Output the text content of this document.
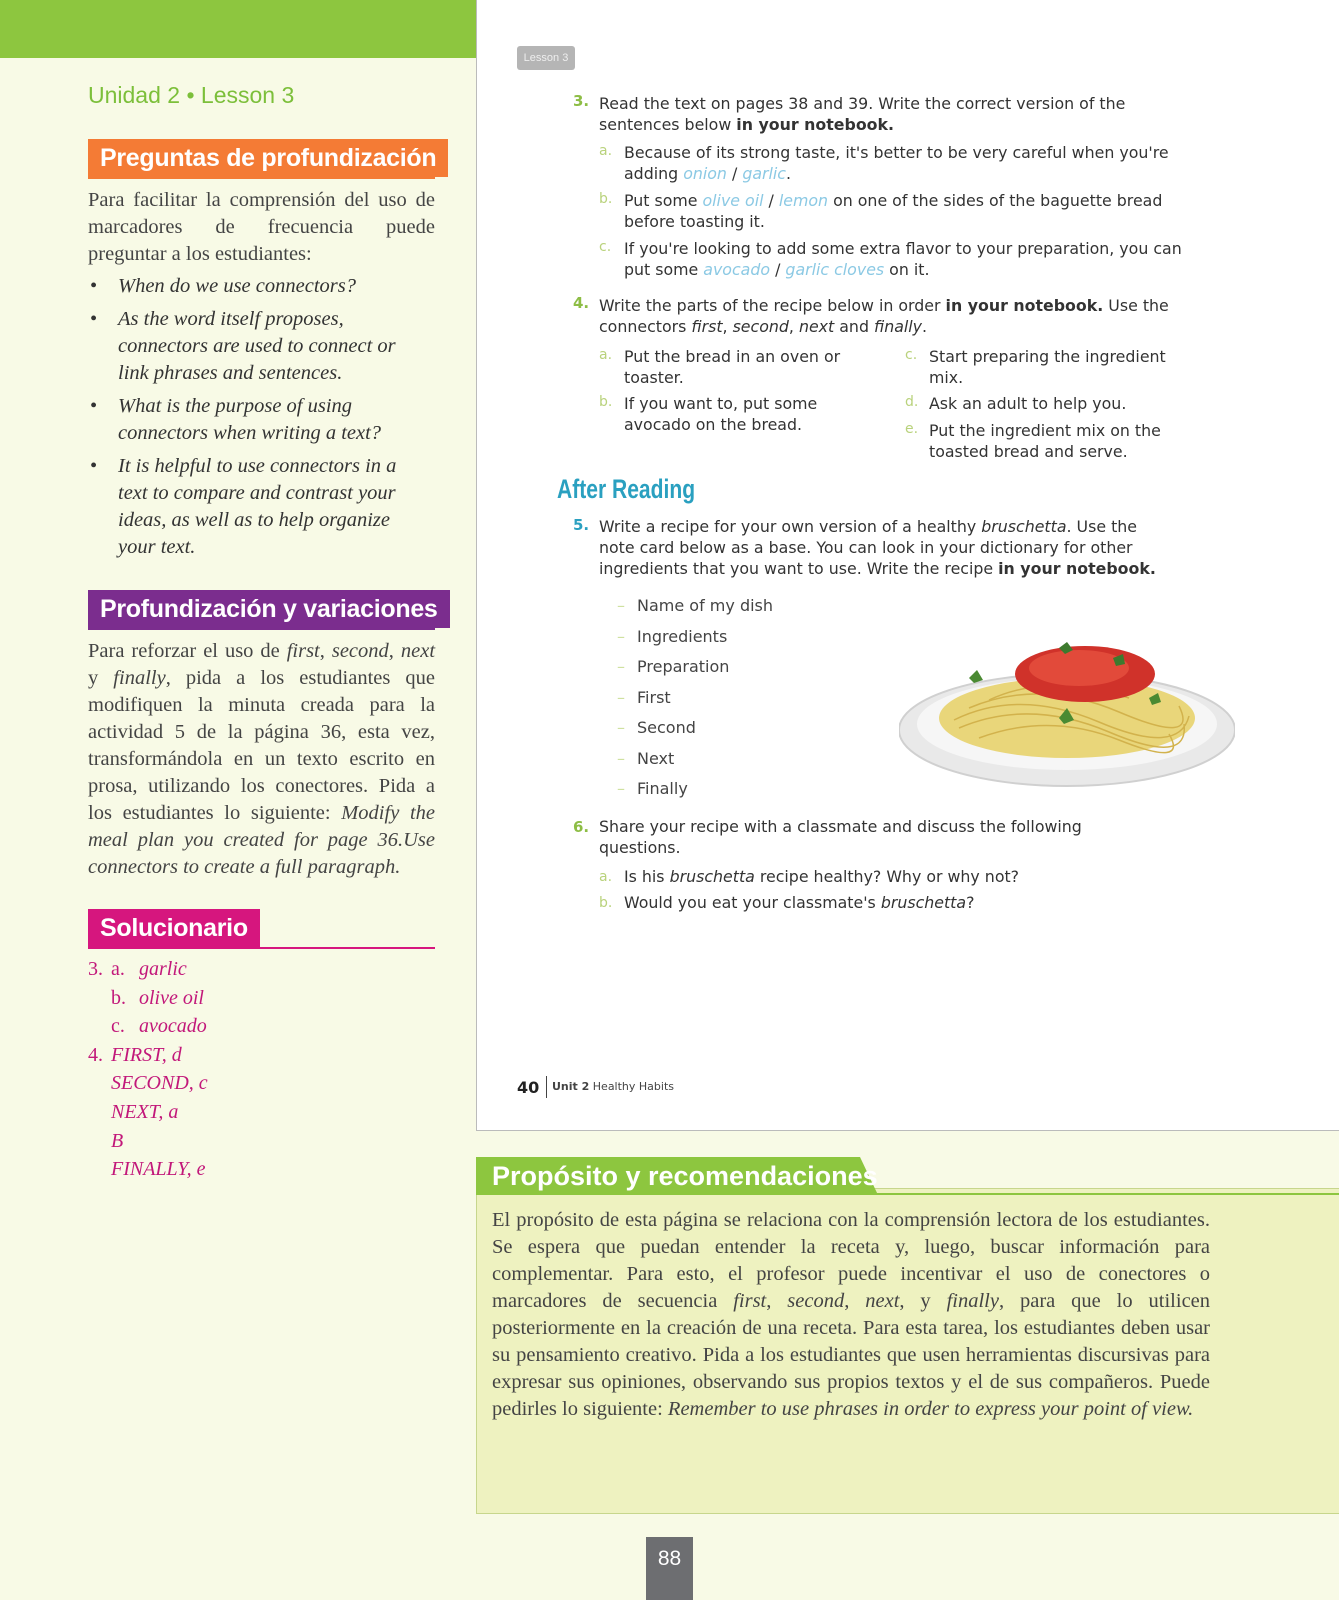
Unidad 2 • Lesson 3
Preguntas de profundización

Para facilitar la comprensión del uso de marcadores de frecuencia puede preguntar a los estudiantes:

• When do we use connectors?
• As the word itself proposes, connectors are used to connect or link phrases and sentences.
• What is the purpose of using connectors when writing a text?
• It is helpful to use connectors in a text to compare and contrast your ideas, as well as to help organize your text.
Profundización y variaciones

Para reforzar el uso de first, second, next y finally, pida a los estudiantes que modifiquen la minuta creada para la actividad 5 de la página 36, esta vez, transformándola en un texto escrito en prosa, utilizando los conectores. Pida a los estudiantes lo siguiente: Modify the meal plan you created for page 36.Use connectors to create a full paragraph.

Solucionario
3. a.
garlic
b.
olive oil
c.
avocado
4. FIRST, d
SECOND, c
NEXT, a
B
FINALLY, e
Lesson 3
3. Read the text on pages 38 and 39. Write the correct version of the sentences below in your notebook.
a. Because of its strong taste, it's better to be very careful when you're adding onion / garlic.
b. Put some olive oil / lemon on one of the sides of the baguette bread before toasting it.
c. If you're looking to add some extra flavor to your preparation, you can put some avocado / garlic cloves on it.
4. Write the parts of the recipe below in order in your notebook. Use the connectors first, second, next and finally.
a. Put the bread in an oven or toaster.
b. If you want to, put some avocado on the bread.
c. Start preparing the ingredient mix.
d. Ask an adult to help you.
e. Put the ingredient mix on the toasted bread and serve.
After Reading
5. Write a recipe for your own version of a healthy bruschetta. Use the note card below as a base. You can look in your dictionary for other ingredients that you want to use. Write the recipe in your notebook.
– Name of my dish
– Ingredients
– Preparation
– First
– Second
– Next
– Finally
6. Share your recipe with a classmate and discuss the following questions.
a. Is his bruschetta recipe healthy? Why or why not?
b. Would you eat your classmate's bruschetta?
40 Unit 2 Healthy Habits
Propósito y recomendaciones

El propósito de esta página se relaciona con la comprensión lectora de los estudiantes. Se espera que puedan entender la receta y, luego, buscar información para complementar. Para esto, el profesor puede incentivar el uso de conectores o marcadores de secuencia first, second, next, y finally, para que lo utilicen posteriormente en la creación de una receta. Para esta tarea, los estudiantes deben usar su pensamiento creativo. Pida a los estudiantes que usen herramientas discursivas para expresar sus opiniones, observando sus propios textos y el de sus compañeros. Puede pedirles lo siguiente: Remember to use phrases in order to express your point of view.

88
